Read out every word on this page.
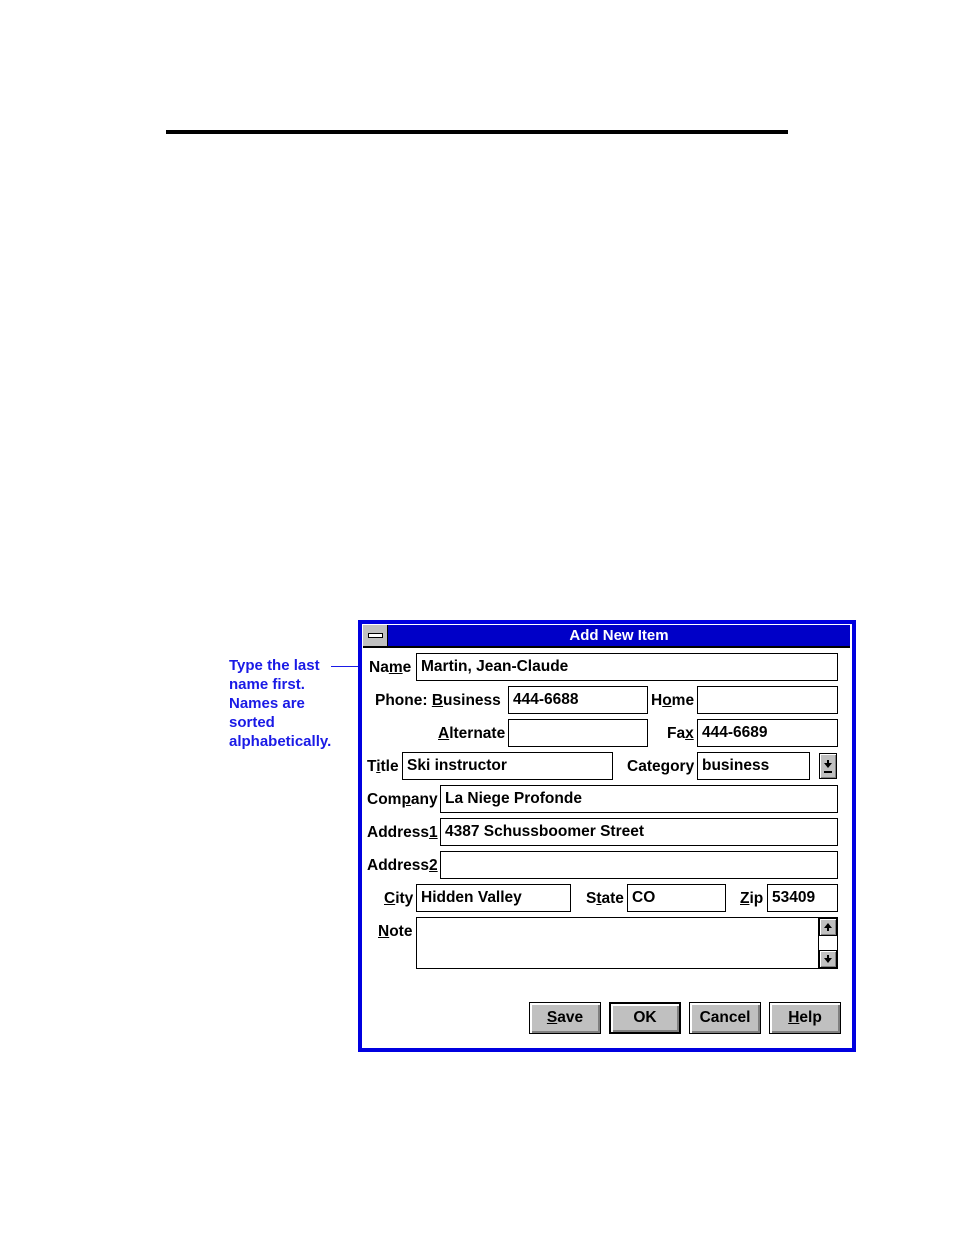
Type the last
name first.
Names are
sorted
alphabetically.
Add New Item
Name Martin, Jean-Claude
Phone: Business 444-6688	Home
Alternate	Fax 444-6689
Title Ski instructor	Category business
Company La Niege Profonde
Address1 4387 Schussboomer Street
Address2
City Hidden Valley	State CO	Zip 53409
Note
Save	OK	Cancel	Help
